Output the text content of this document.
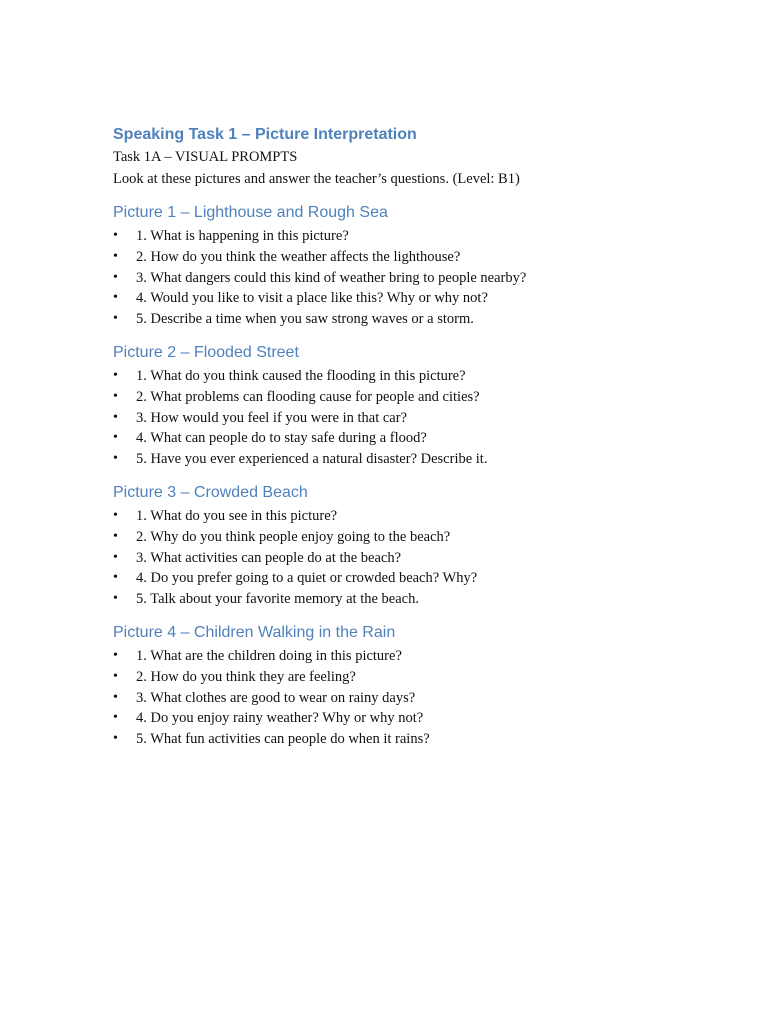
Speaking Task 1 – Picture Interpretation

Task 1A – VISUAL PROMPTS

Look at these pictures and answer the teacher’s questions. (Level: B1)

Picture 1 – Lighthouse and Rough Sea
• 1. What is happening in this picture?
• 2. How do you think the weather affects the lighthouse?
• 3. What dangers could this kind of weather bring to people nearby?
• 4. Would you like to visit a place like this? Why or why not?
• 5. Describe a time when you saw strong waves or a storm.
Picture 2 – Flooded Street
• 1. What do you think caused the flooding in this picture?
• 2. What problems can flooding cause for people and cities?
• 3. How would you feel if you were in that car?
• 4. What can people do to stay safe during a flood?
• 5. Have you ever experienced a natural disaster? Describe it.
Picture 3 – Crowded Beach
• 1. What do you see in this picture?
• 2. Why do you think people enjoy going to the beach?
• 3. What activities can people do at the beach?
• 4. Do you prefer going to a quiet or crowded beach? Why?
• 5. Talk about your favorite memory at the beach.
Picture 4 – Children Walking in the Rain
• 1. What are the children doing in this picture?
• 2. How do you think they are feeling?
• 3. What clothes are good to wear on rainy days?
• 4. Do you enjoy rainy weather? Why or why not?
• 5. What fun activities can people do when it rains?
